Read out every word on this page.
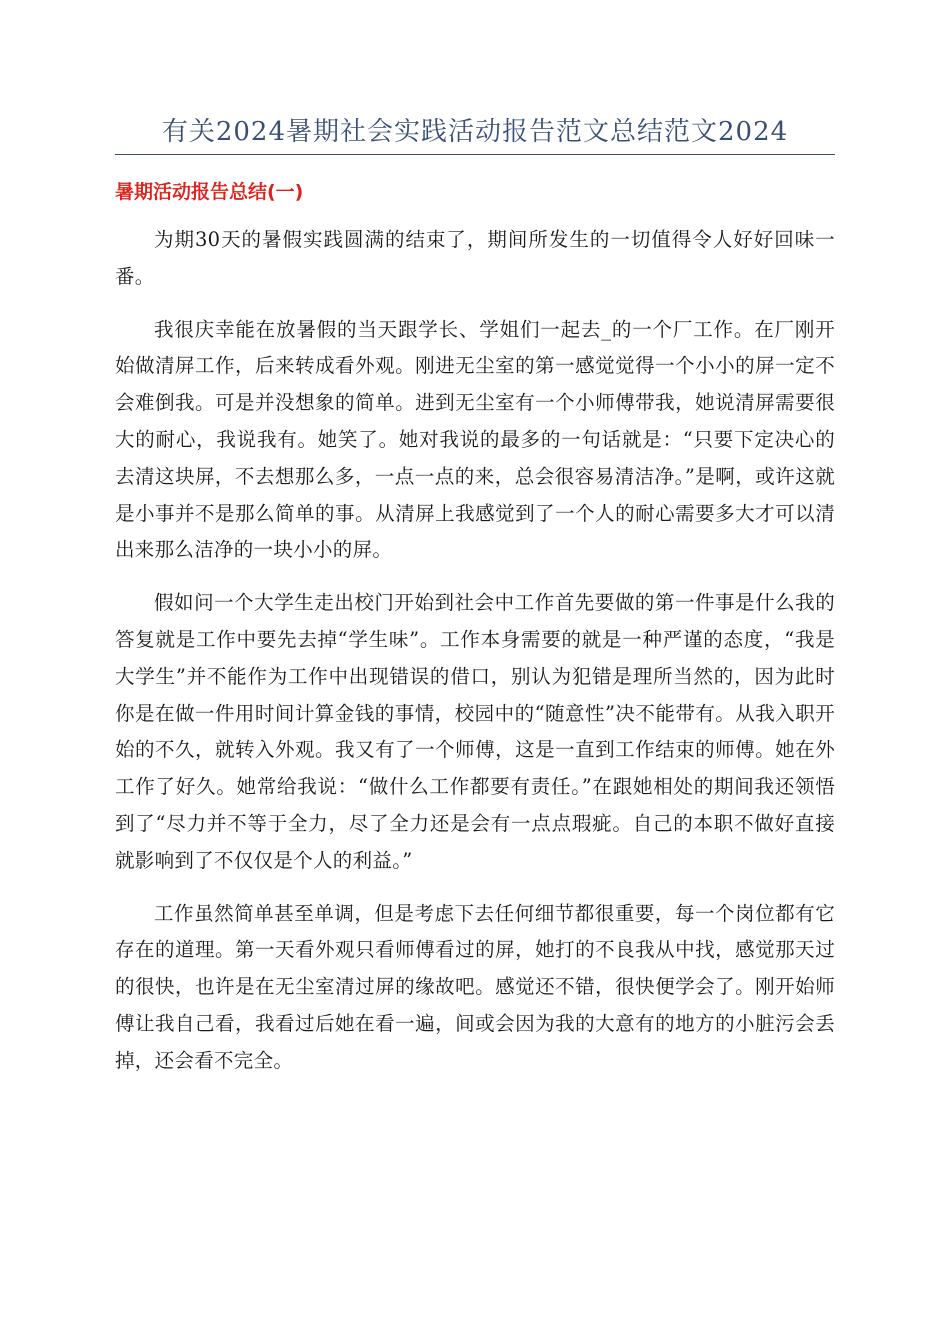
有关2024暑期社会实践活动报告范文总结范文2024
暑期活动报告总结(一)

为期30天的暑假实践圆满的结束了，期间所发生的一切值得令人好好回味一番。

我很庆幸能在放暑假的当天跟学长、学姐们一起去_的一个厂工作。在厂刚开始做清屏工作，后来转成看外观。刚进无尘室的第一感觉觉得一个小小的屏一定不会难倒我。可是并没想象的简单。进到无尘室有一个小师傅带我，她说清屏需要很大的耐心，我说我有。她笑了。她对我说的最多的一句话就是：“只要下定决心的去清这块屏，不去想那么多，一点一点的来，总会很容易清洁净。”是啊，或许这就是小事并不是那么简单的事。从清屏上我感觉到了一个人的耐心需要多大才可以清出来那么洁净的一块小小的屏。

假如问一个大学生走出校门开始到社会中工作首先要做的第一件事是什么我的答复就是工作中要先去掉“学生味”。工作本身需要的就是一种严谨的态度，“我是大学生”并不能作为工作中出现错误的借口，别认为犯错是理所当然的，因为此时你是在做一件用时间计算金钱的事情，校园中的“随意性”决不能带有。从我入职开始的不久，就转入外观。我又有了一个师傅，这是一直到工作结束的师傅。她在外工作了好久。她常给我说：“做什么工作都要有责任。”在跟她相处的期间我还领悟到了“尽力并不等于全力，尽了全力还是会有一点点瑕疵。自己的本职不做好直接就影响到了不仅仅是个人的利益。”

工作虽然简单甚至单调，但是考虑下去任何细节都很重要，每一个岗位都有它存在的道理。第一天看外观只看师傅看过的屏，她打的不良我从中找，感觉那天过的很快，也许是在无尘室清过屏的缘故吧。感觉还不错，很快便学会了。刚开始师傅让我自己看，我看过后她在看一遍，间或会因为我的大意有的地方的小脏污会丢掉，还会看不完全。
